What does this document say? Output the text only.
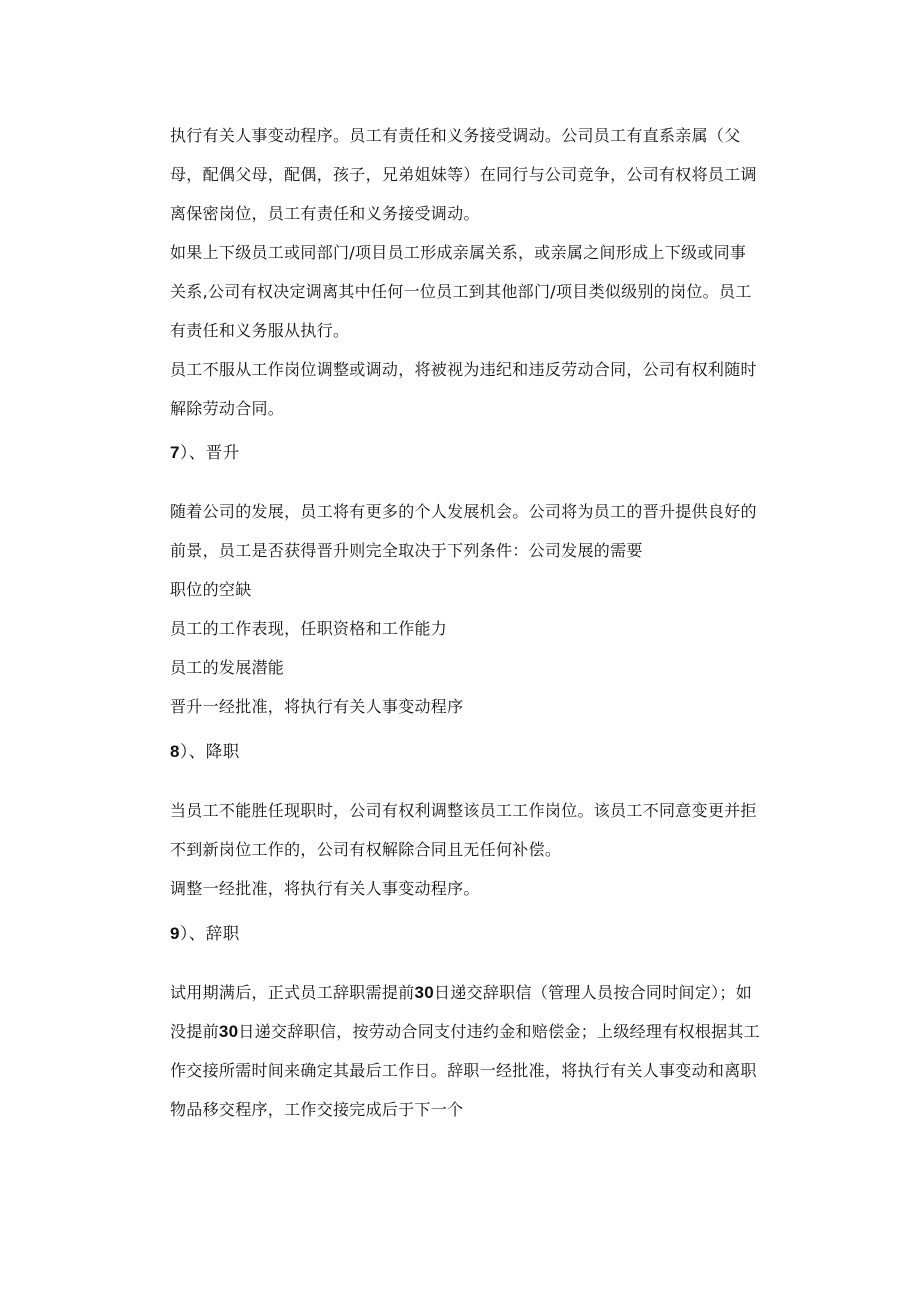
执行有关人事变动程序。员工有责任和义务接受调动。公司员工有直系亲属（父
母，配偶父母，配偶，孩子，兄弟姐妹等）在同行与公司竞争，公司有权将员工调
离保密岗位，员工有责任和义务接受调动。
如果上下级员工或同部门/项目员工形成亲属关系，或亲属之间形成上下级或同事
关系,公司有权决定调离其中任何一位员工到其他部门/项目类似级别的岗位。员工
有责任和义务服从执行。
员工不服从工作岗位调整或调动，将被视为违纪和违反劳动合同，公司有权利随时
解除劳动合同。
7）、晋升
随着公司的发展，员工将有更多的个人发展机会。公司将为员工的晋升提供良好的
前景，员工是否获得晋升则完全取决于下列条件：公司发展的需要
职位的空缺
员工的工作表现，任职资格和工作能力
员工的发展潜能
晋升一经批准，将执行有关人事变动程序
8）、降职
当员工不能胜任现职时，公司有权利调整该员工工作岗位。该员工不同意变更并拒
不到新岗位工作的，公司有权解除合同且无任何补偿。
调整一经批准，将执行有关人事变动程序。
9）、辞职
试用期满后，正式员工辞职需提前30日递交辞职信（管理人员按合同时间定）；如
没提前30日递交辞职信，按劳动合同支付违约金和赔偿金；上级经理有权根据其工
作交接所需时间来确定其最后工作日。辞职一经批准，将执行有关人事变动和离职
物品移交程序，工作交接完成后于下一个
